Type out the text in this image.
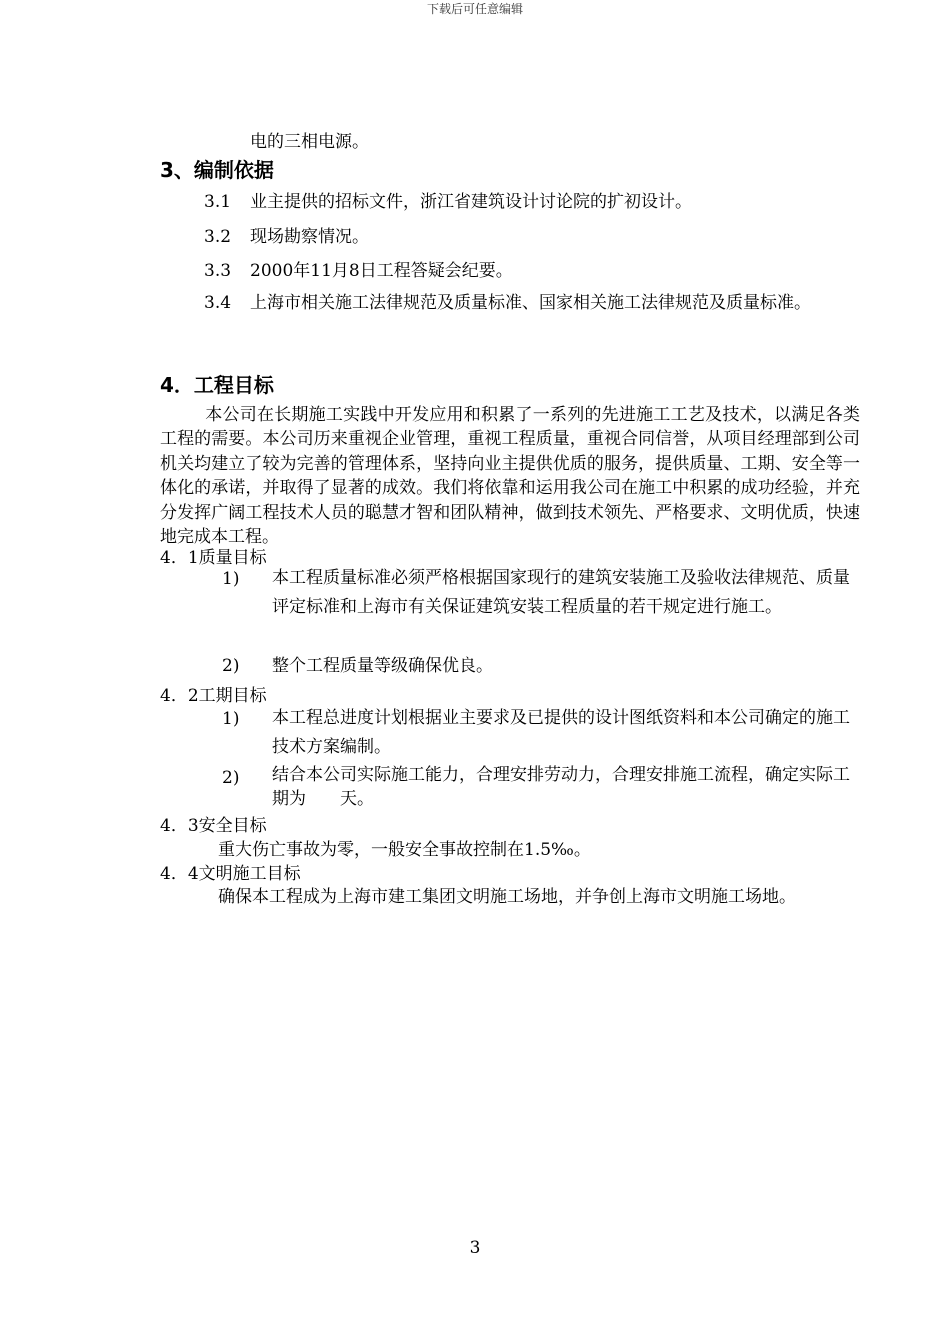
下载后可任意编辑
电的三相电源。
3、编制依据
3.1 业主提供的招标文件，浙江省建筑设计讨论院的扩初设计。
3.2 现场勘察情况。
3.3 2000年11月8日工程答疑会纪要。
3.4 上海市相关施工法律规范及质量标准、国家相关施工法律规范及质量标准。
4．工程目标
本公司在长期施工实践中开发应用和积累了一系列的先进施工工艺及技术，以满足各类工程的需要。本公司历来重视企业管理，重视工程质量，重视合同信誉，从项目经理部到公司机关均建立了较为完善的管理体系，坚持向业主提供优质的服务，提供质量、工期、安全等一体化的承诺，并取得了显著的成效。我们将依靠和运用我公司在施工中积累的成功经验，并充分发挥广阔工程技术人员的聪慧才智和团队精神，做到技术领先、严格要求、文明优质，快速地完成本工程。
4．1质量目标
1) 本工程质量标准必须严格根据国家现行的建筑安装施工及验收法律规范、质量评定标准和上海市有关保证建筑安装工程质量的若干规定进行施工。
2) 整个工程质量等级确保优良。
4．2工期目标
1) 本工程总进度计划根据业主要求及已提供的设计图纸资料和本公司确定的施工技术方案编制。
2) 结合本公司实际施工能力，合理安排劳动力，合理安排施工流程，确定实际工期为　　天。
4．3安全目标
重大伤亡事故为零，一般安全事故控制在1.5‰。
4．4文明施工目标
确保本工程成为上海市建工集团文明施工场地，并争创上海市文明施工场地。
3
